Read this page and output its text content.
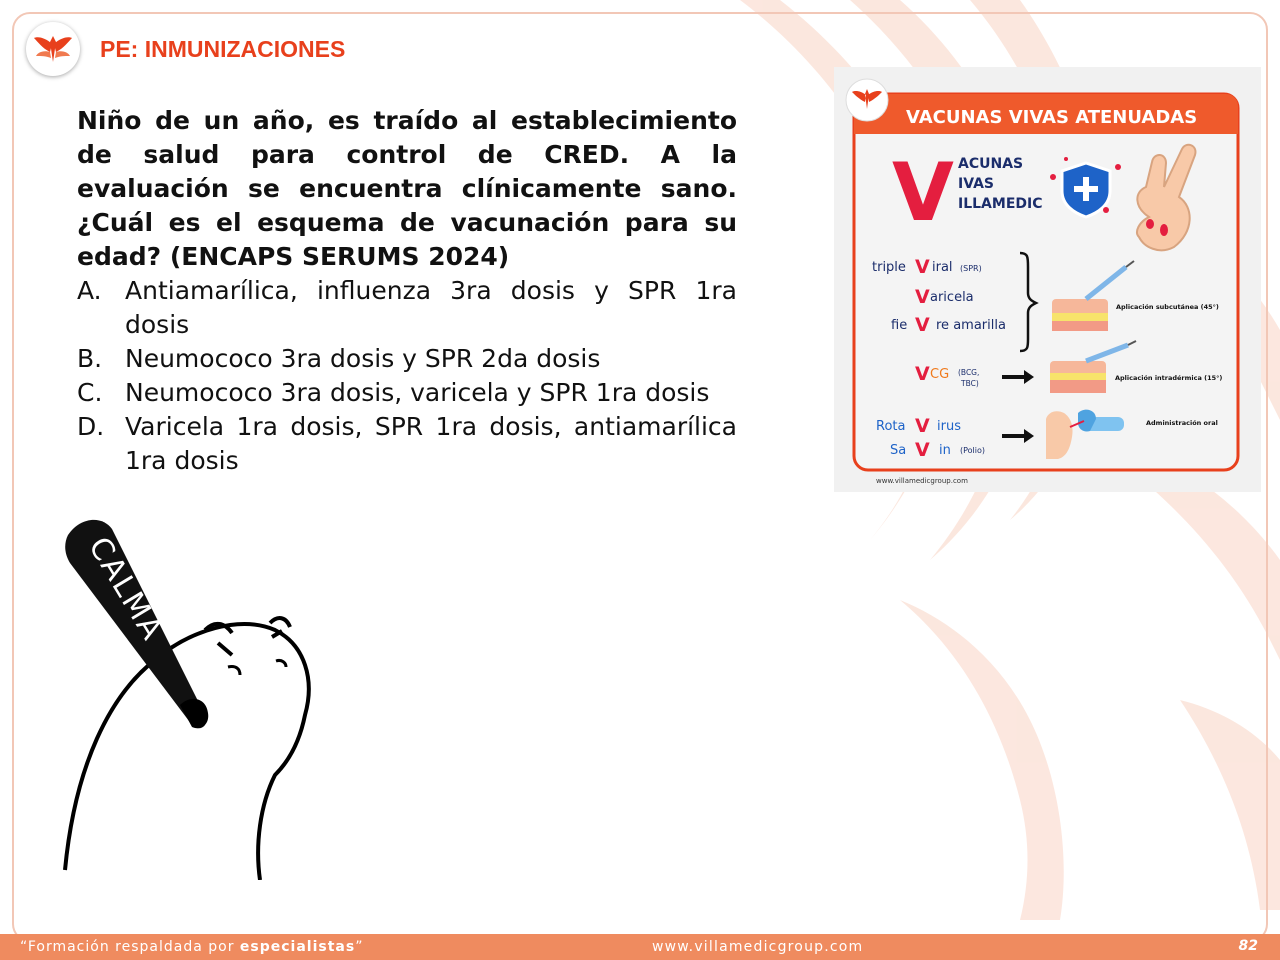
PE: INMUNIZACIONES
Niño de un año, es traído al establecimiento de salud para control de CRED. A la evaluación se encuentra clínicamente sano. ¿Cuál es el esquema de vacunación para su edad? (ENCAPS SERUMS 2024)
A. Antiamarílica, influenza 3ra dosis y SPR 1ra dosis
B. Neumococo 3ra dosis y SPR 2da dosis
C. Neumococo 3ra dosis, varicela y SPR 1ra dosis
D. Varicela 1ra dosis, SPR 1ra dosis, antiamarílica 1ra dosis
CALMA
VACUNAS VIVAS ATENUADAS
V ACUNAS
IVAS
ILLAMEDIC
triple V iral (SPR)
V aricela
fie V re amarilla
Aplicación subcutánea (45°)
V CG (BCG,
TBC)
Aplicación intradérmica (15°)
Rota V irus
Sa V in (Polio)
Administración oral
www.villamedicgroup.com
“Formación respaldada por especialistas”	www.villamedicgroup.com	82
